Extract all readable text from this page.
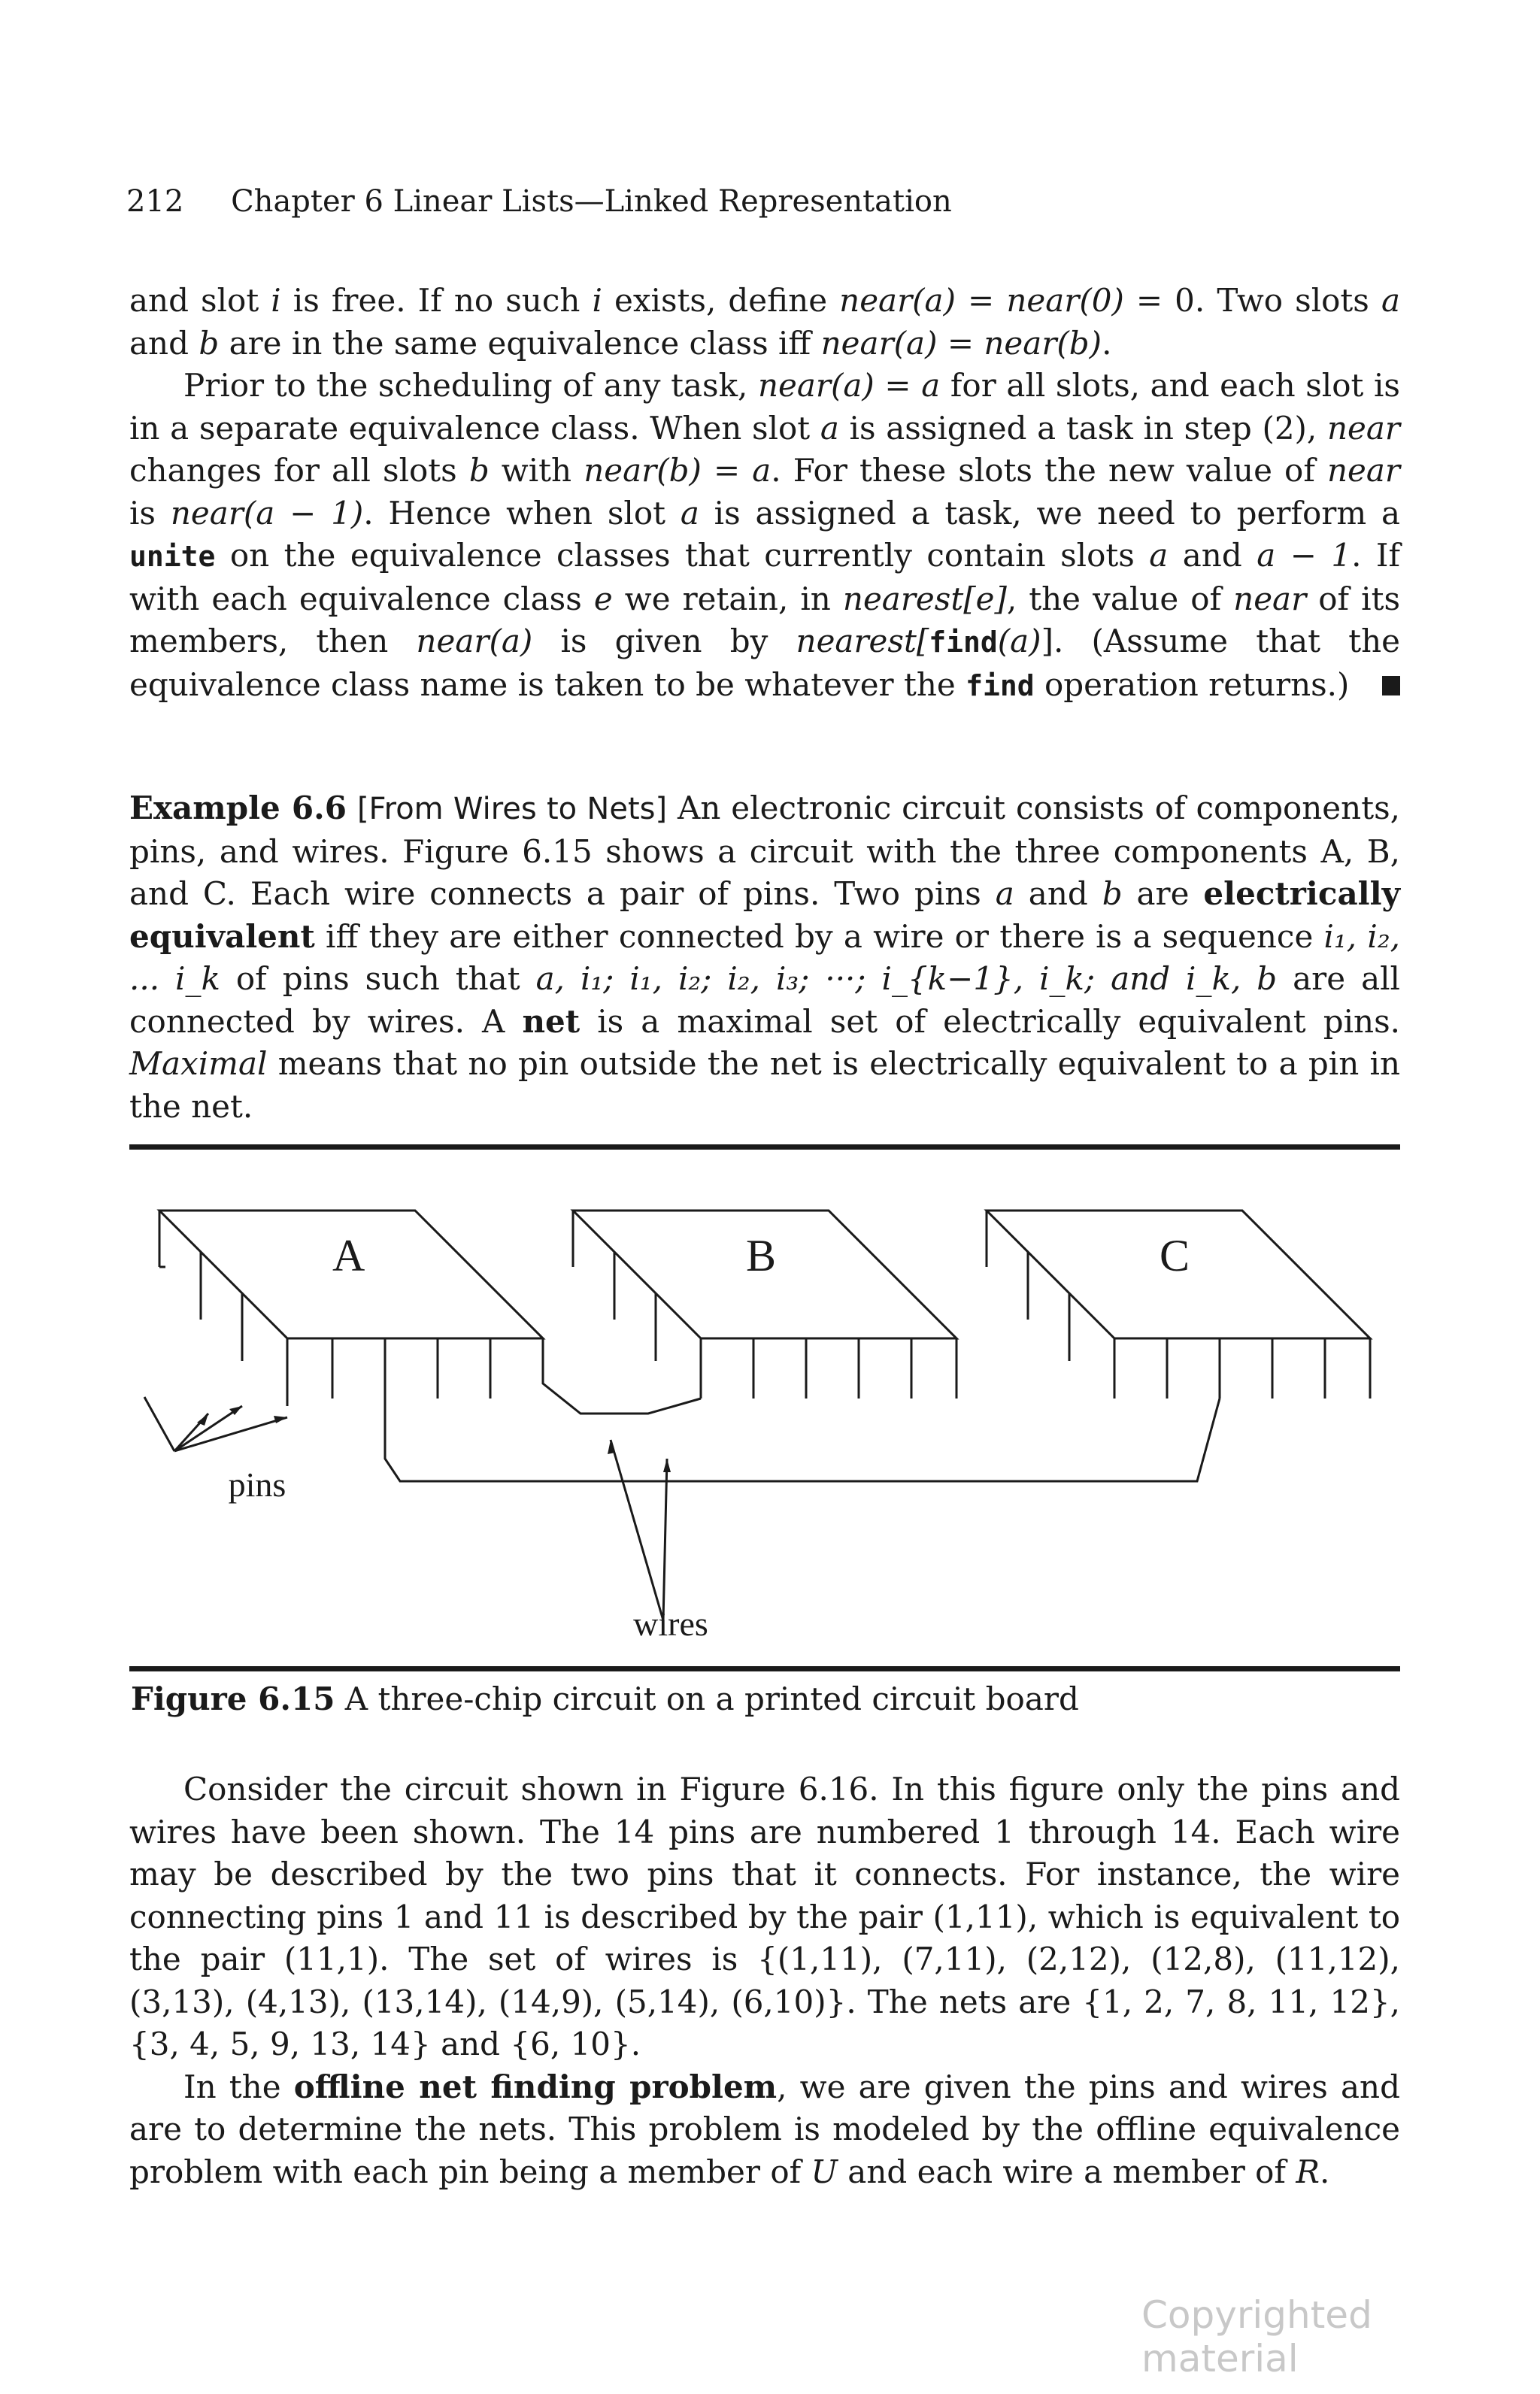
212 Chapter 6 Linear Lists—Linked Representation

and slot i is free. If no such i exists, define near(a) = near(0) = 0. Two slots a and b are in the same equivalence class iff near(a) = near(b).

Prior to the scheduling of any task, near(a) = a for all slots, and each slot is in a separate equivalence class. When slot a is assigned a task in step (2), near changes for all slots b with near(b) = a. For these slots the new value of near is near(a − 1). Hence when slot a is assigned a task, we need to perform a unite on the equivalence classes that currently contain slots a and a − 1. If with each equivalence class e we retain, in nearest[e], the value of near of its members, then near(a) is given by nearest[find(a)]. (Assume that the equivalence class name is taken to be whatever the find operation returns.)

Example 6.6 [From Wires to Nets] An electronic circuit consists of components, pins, and wires. Figure 6.15 shows a circuit with the three components A, B, and C. Each wire connects a pair of pins. Two pins a and b are electrically equivalent iff they are either connected by a wire or there is a sequence i₁, i₂, ... i_k of pins such that a, i₁; i₁, i₂; i₂, i₃; ···; i_{k−1}, i_k; and i_k, b are all connected by wires. A net is a maximal set of electrically equivalent pins. Maximal means that no pin outside the net is electrically equivalent to a pin in the net.

A	B	C
pins
wires
Figure 6.15 A three-chip circuit on a printed circuit board

Consider the circuit shown in Figure 6.16. In this figure only the pins and wires have been shown. The 14 pins are numbered 1 through 14. Each wire may be described by the two pins that it connects. For instance, the wire connecting pins 1 and 11 is described by the pair (1,11), which is equivalent to the pair (11,1). The set of wires is {(1,11), (7,11), (2,12), (12,8), (11,12), (3,13), (4,13), (13,14), (14,9), (5,14), (6,10)}. The nets are {1, 2, 7, 8, 11, 12}, {3, 4, 5, 9, 13, 14} and {6, 10}.

In the offline net finding problem, we are given the pins and wires and are to determine the nets. This problem is modeled by the offline equivalence problem with each pin being a member of U and each wire a member of R.

Copyrighted material
